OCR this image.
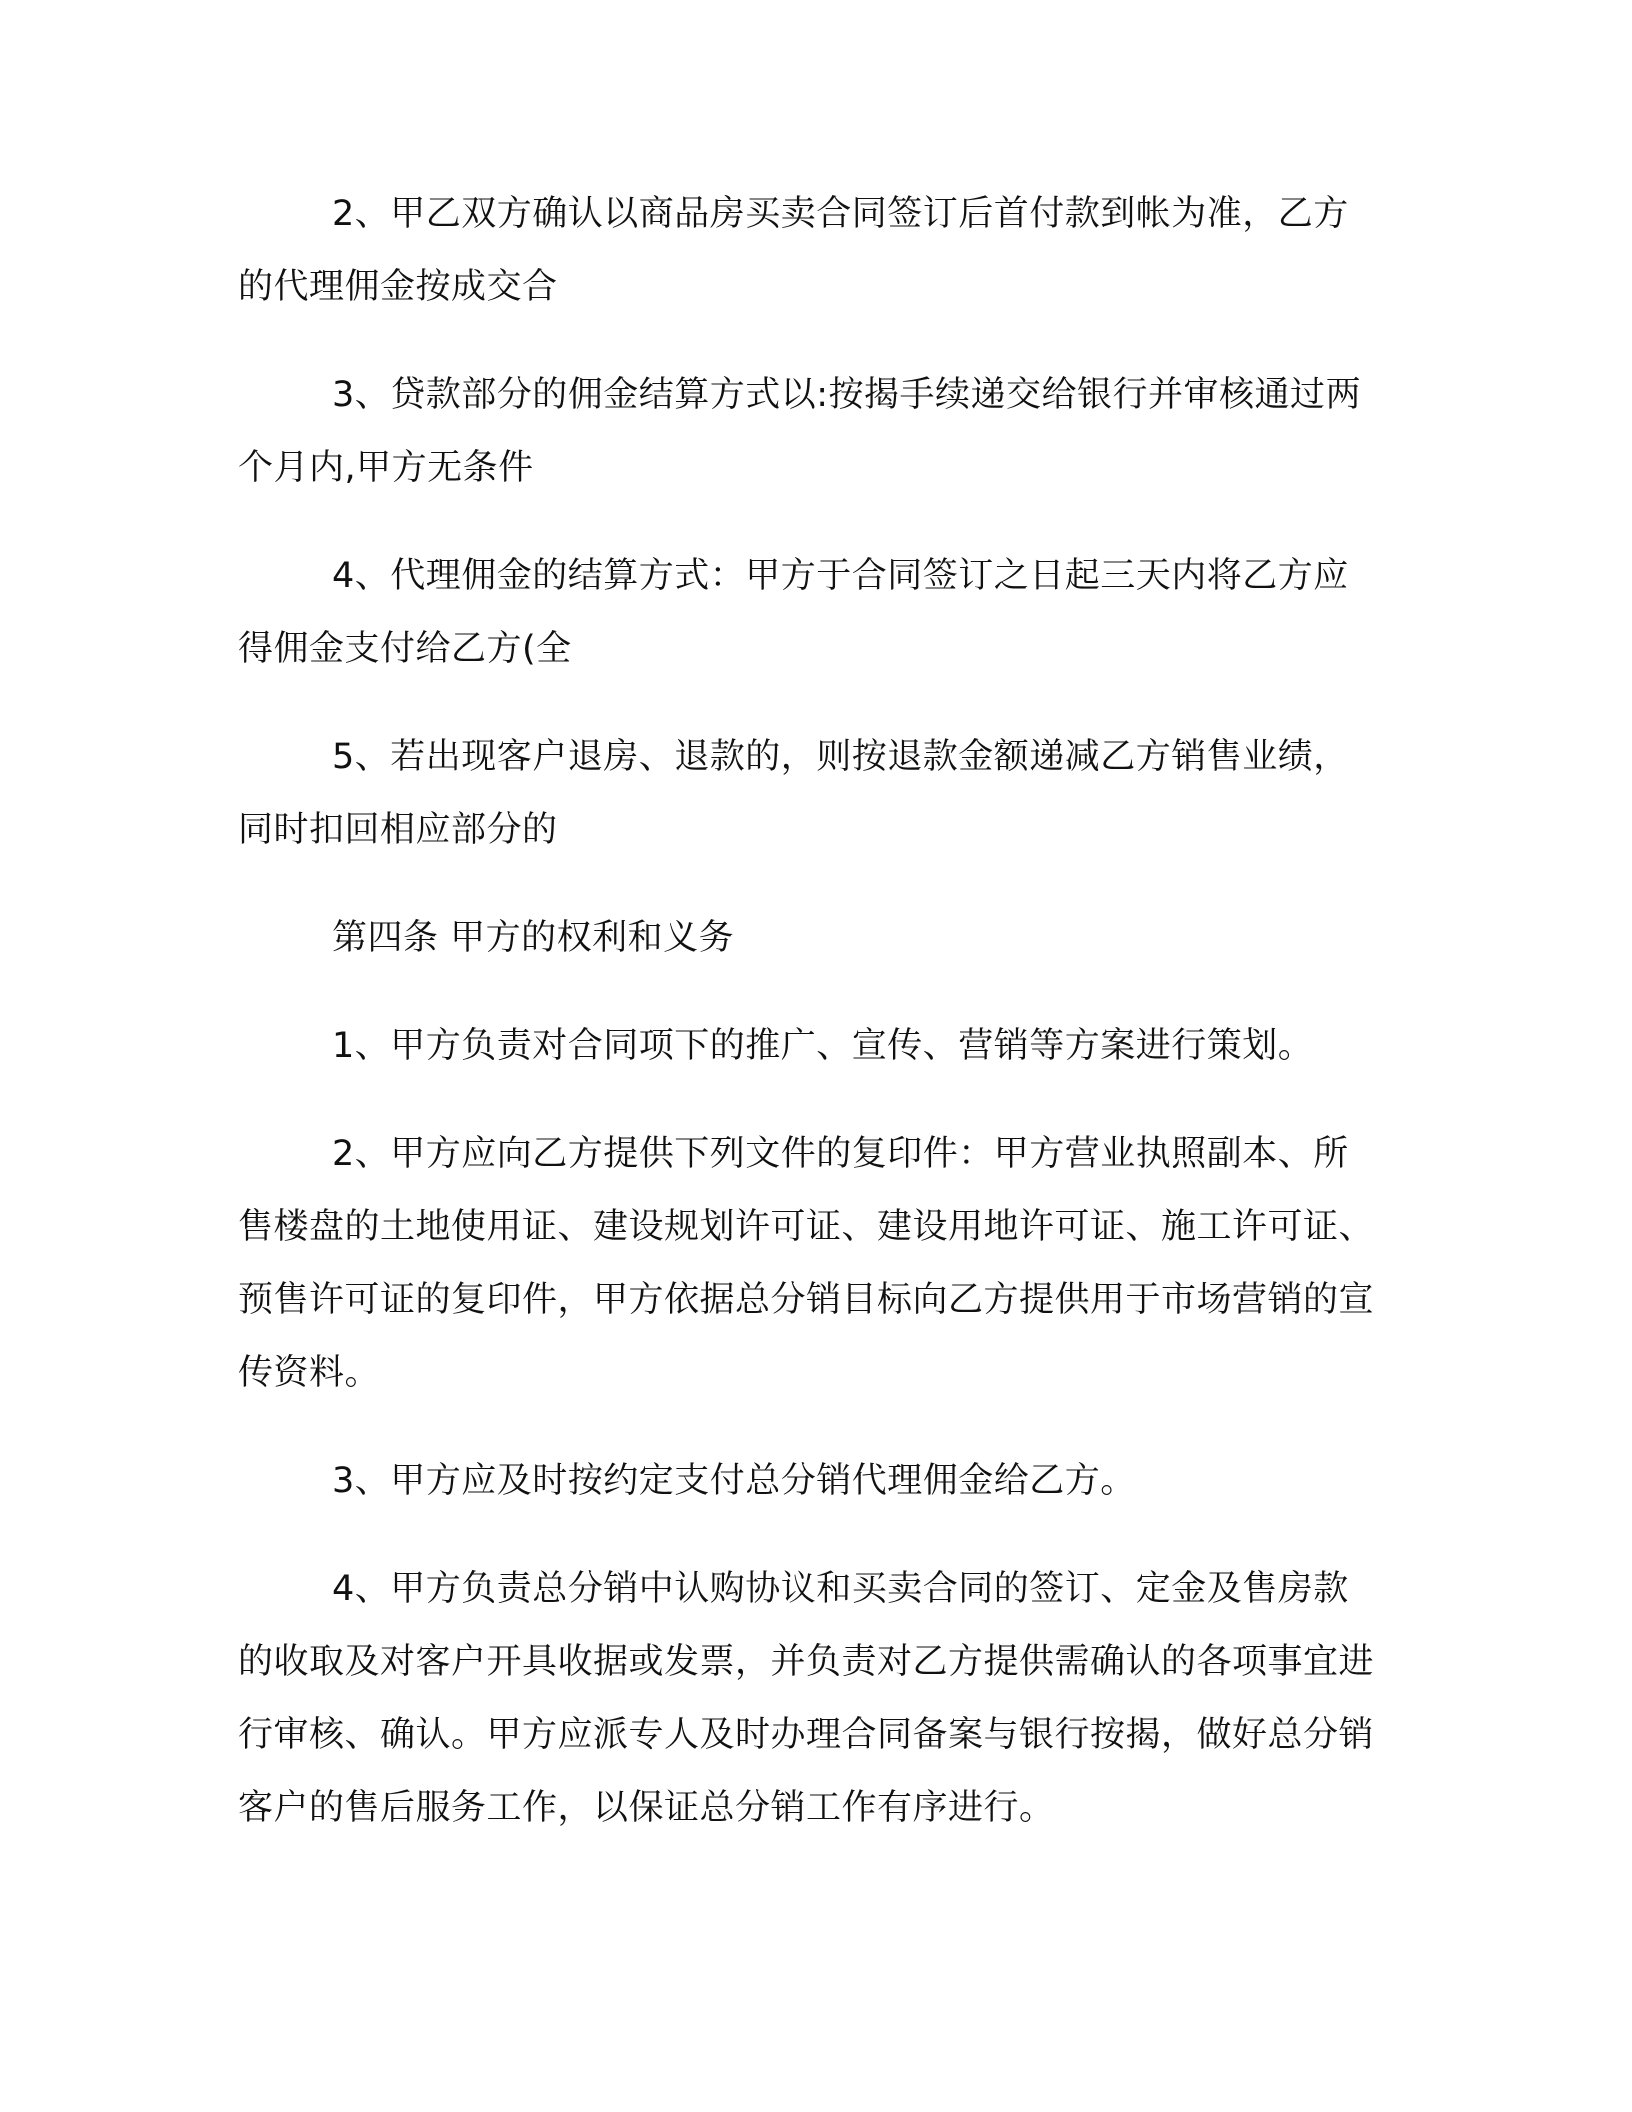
2、甲乙双方确认以商品房买卖合同签订后首付款到帐为准，乙方的代理佣金按成交合

3、贷款部分的佣金结算方式以:按揭手续递交给银行并审核通过两个月内,甲方无条件

4、代理佣金的结算方式：甲方于合同签订之日起三天内将乙方应得佣金支付给乙方(全

5、若出现客户退房、退款的，则按退款金额递减乙方销售业绩，同时扣回相应部分的

第四条 甲方的权利和义务

1、甲方负责对合同项下的推广、宣传、营销等方案进行策划。

2、甲方应向乙方提供下列文件的复印件：甲方营业执照副本、所售楼盘的土地使用证、建设规划许可证、建设用地许可证、施工许可证、预售许可证的复印件，甲方依据总分销目标向乙方提供用于市场营销的宣传资料。

3、甲方应及时按约定支付总分销代理佣金给乙方。

4、甲方负责总分销中认购协议和买卖合同的签订、定金及售房款的收取及对客户开具收据或发票，并负责对乙方提供需确认的各项事宜进行审核、确认。甲方应派专人及时办理合同备案与银行按揭，做好总分销客户的售后服务工作，以保证总分销工作有序进行。
